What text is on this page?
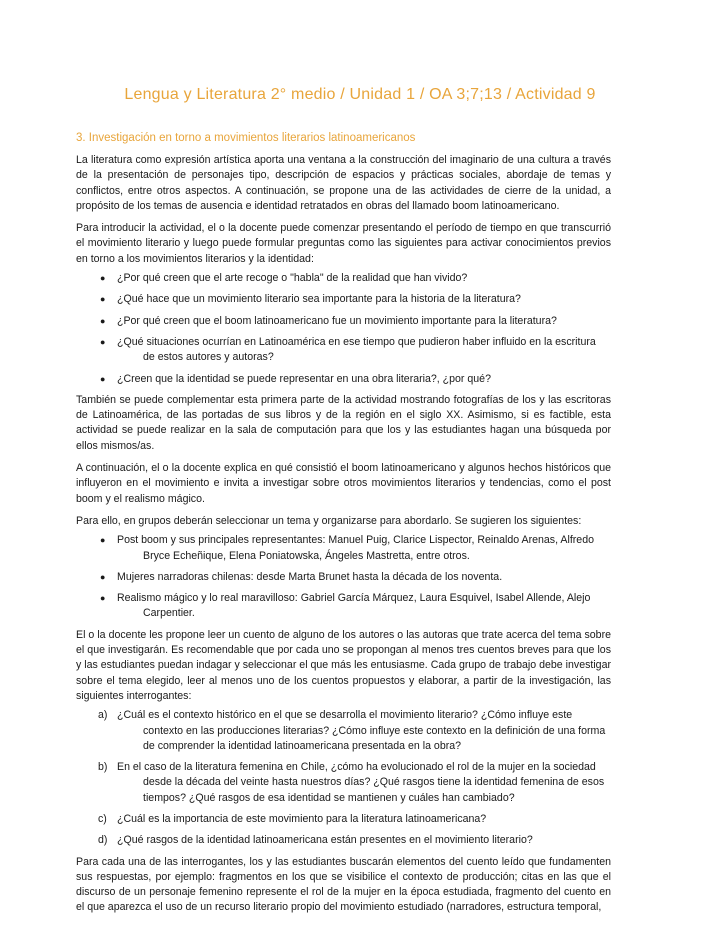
Lengua y Literatura 2° medio / Unidad 1 / OA 3;7;13 / Actividad 9
3. Investigación en torno a movimientos literarios latinoamericanos

La literatura como expresión artística aporta una ventana a la construcción del imaginario de una cultura a través de la presentación de personajes tipo, descripción de espacios y prácticas sociales, abordaje de temas y conflictos, entre otros aspectos. A continuación, se propone una de las actividades de cierre de la unidad, a propósito de los temas de ausencia e identidad retratados en obras del llamado boom latinoamericano.

Para introducir la actividad, el o la docente puede comenzar presentando el período de tiempo en que transcurrió el movimiento literario y luego puede formular preguntas como las siguientes para activar conocimientos previos en torno a los movimientos literarios y la identidad:

● ¿Por qué creen que el arte recoge o "habla" de la realidad que han vivido?
● ¿Qué hace que un movimiento literario sea importante para la historia de la literatura?
● ¿Por qué creen que el boom latinoamericano fue un movimiento importante para la literatura?
● ¿Qué situaciones ocurrían en Latinoamérica en ese tiempo que pudieron haber influido en la escritura
de estos autores y autoras?
● ¿Creen que la identidad se puede representar en una obra literaria?, ¿por qué?

También se puede complementar esta primera parte de la actividad mostrando fotografías de los y las escritoras de Latinoamérica, de las portadas de sus libros y de la región en el siglo XX. Asimismo, si es factible, esta actividad se puede realizar en la sala de computación para que los y las estudiantes hagan una búsqueda por ellos mismos/as.

A continuación, el o la docente explica en qué consistió el boom latinoamericano y algunos hechos históricos que influyeron en el movimiento e invita a investigar sobre otros movimientos literarios y tendencias, como el post boom y el realismo mágico.

Para ello, en grupos deberán seleccionar un tema y organizarse para abordarlo. Se sugieren los siguientes:

● Post boom y sus principales representantes: Manuel Puig, Clarice Lispector, Reinaldo Arenas, Alfredo
Bryce Echeñique, Elena Poniatowska, Ángeles Mastretta, entre otros.
● Mujeres narradoras chilenas: desde Marta Brunet hasta la década de los noventa.
● Realismo mágico y lo real maravilloso: Gabriel García Márquez, Laura Esquivel, Isabel Allende, Alejo
Carpentier.

El o la docente les propone leer un cuento de alguno de los autores o las autoras que trate acerca del tema sobre el que investigarán. Es recomendable que por cada uno se propongan al menos tres cuentos breves para que los y las estudiantes puedan indagar y seleccionar el que más les entusiasme. Cada grupo de trabajo debe investigar sobre el tema elegido, leer al menos uno de los cuentos propuestos y elaborar, a partir de la investigación, las siguientes interrogantes:

a) ¿Cuál es el contexto histórico en el que se desarrolla el movimiento literario? ¿Cómo influye este
contexto en las producciones literarias? ¿Cómo influye este contexto en la definición de una forma
de comprender la identidad latinoamericana presentada en la obra?
b) En el caso de la literatura femenina en Chile, ¿cómo ha evolucionado el rol de la mujer en la sociedad
desde la década del veinte hasta nuestros días? ¿Qué rasgos tiene la identidad femenina de esos
tiempos? ¿Qué rasgos de esa identidad se mantienen y cuáles han cambiado?
c) ¿Cuál es la importancia de este movimiento para la literatura latinoamericana?
d) ¿Qué rasgos de la identidad latinoamericana están presentes en el movimiento literario?

Para cada una de las interrogantes, los y las estudiantes buscarán elementos del cuento leído que fundamenten sus respuestas, por ejemplo: fragmentos en los que se visibilice el contexto de producción; citas en las que el discurso de un personaje femenino represente el rol de la mujer en la época estudiada, fragmento del cuento en el que aparezca el uso de un recurso literario propio del movimiento estudiado (narradores, estructura temporal,
